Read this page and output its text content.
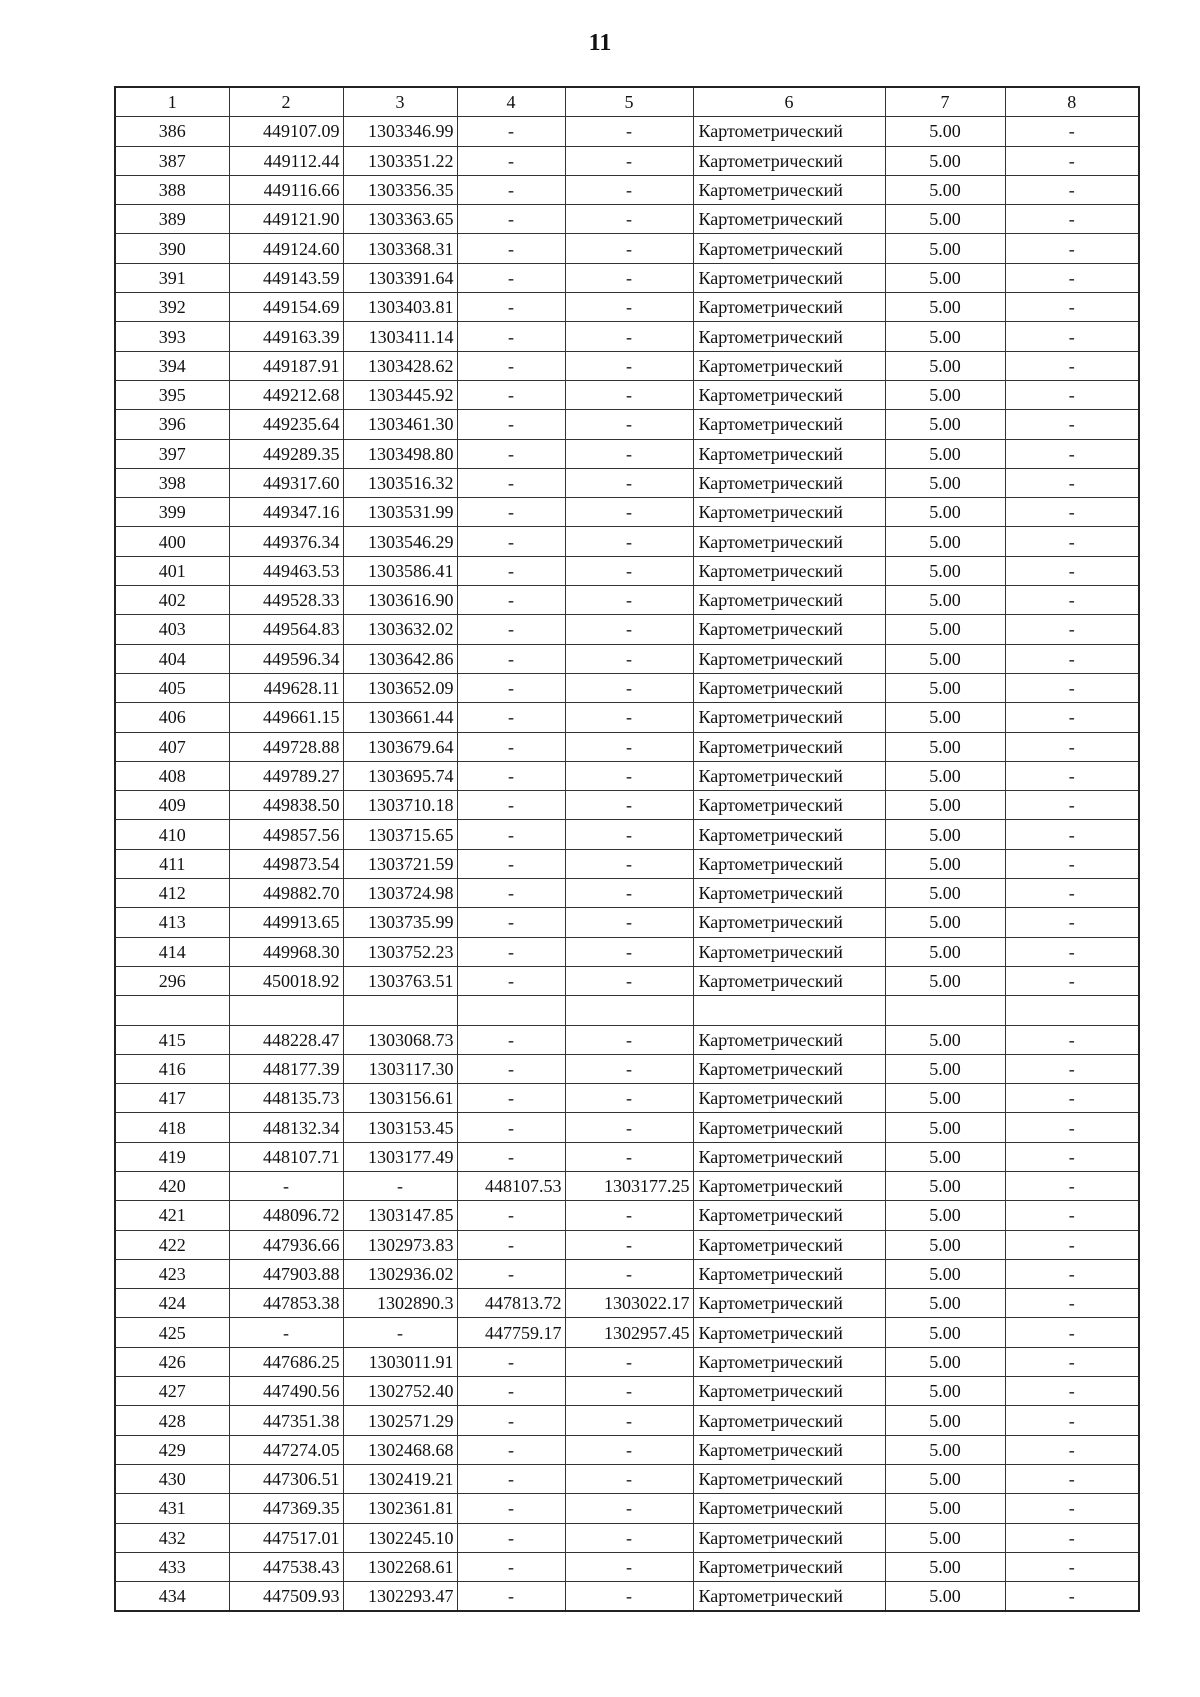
11
1	2	3	4	5	6	7	8
386	449107.09	1303346.99	-	-	Картометрический	5.00	-
387	449112.44	1303351.22	-	-	Картометрический	5.00	-
388	449116.66	1303356.35	-	-	Картометрический	5.00	-
389	449121.90	1303363.65	-	-	Картометрический	5.00	-
390	449124.60	1303368.31	-	-	Картометрический	5.00	-
391	449143.59	1303391.64	-	-	Картометрический	5.00	-
392	449154.69	1303403.81	-	-	Картометрический	5.00	-
393	449163.39	1303411.14	-	-	Картометрический	5.00	-
394	449187.91	1303428.62	-	-	Картометрический	5.00	-
395	449212.68	1303445.92	-	-	Картометрический	5.00	-
396	449235.64	1303461.30	-	-	Картометрический	5.00	-
397	449289.35	1303498.80	-	-	Картометрический	5.00	-
398	449317.60	1303516.32	-	-	Картометрический	5.00	-
399	449347.16	1303531.99	-	-	Картометрический	5.00	-
400	449376.34	1303546.29	-	-	Картометрический	5.00	-
401	449463.53	1303586.41	-	-	Картометрический	5.00	-
402	449528.33	1303616.90	-	-	Картометрический	5.00	-
403	449564.83	1303632.02	-	-	Картометрический	5.00	-
404	449596.34	1303642.86	-	-	Картометрический	5.00	-
405	449628.11	1303652.09	-	-	Картометрический	5.00	-
406	449661.15	1303661.44	-	-	Картометрический	5.00	-
407	449728.88	1303679.64	-	-	Картометрический	5.00	-
408	449789.27	1303695.74	-	-	Картометрический	5.00	-
409	449838.50	1303710.18	-	-	Картометрический	5.00	-
410	449857.56	1303715.65	-	-	Картометрический	5.00	-
411	449873.54	1303721.59	-	-	Картометрический	5.00	-
412	449882.70	1303724.98	-	-	Картометрический	5.00	-
413	449913.65	1303735.99	-	-	Картометрический	5.00	-
414	449968.30	1303752.23	-	-	Картометрический	5.00	-
296	450018.92	1303763.51	-	-	Картометрический	5.00	-

415	448228.47	1303068.73	-	-	Картометрический	5.00	-
416	448177.39	1303117.30	-	-	Картометрический	5.00	-
417	448135.73	1303156.61	-	-	Картометрический	5.00	-
418	448132.34	1303153.45	-	-	Картометрический	5.00	-
419	448107.71	1303177.49	-	-	Картометрический	5.00	-
420	-	-	448107.53	1303177.25	Картометрический	5.00	-
421	448096.72	1303147.85	-	-	Картометрический	5.00	-
422	447936.66	1302973.83	-	-	Картометрический	5.00	-
423	447903.88	1302936.02	-	-	Картометрический	5.00	-
424	447853.38	1302890.3	447813.72	1303022.17	Картометрический	5.00	-
425	-	-	447759.17	1302957.45	Картометрический	5.00	-
426	447686.25	1303011.91	-	-	Картометрический	5.00	-
427	447490.56	1302752.40	-	-	Картометрический	5.00	-
428	447351.38	1302571.29	-	-	Картометрический	5.00	-
429	447274.05	1302468.68	-	-	Картометрический	5.00	-
430	447306.51	1302419.21	-	-	Картометрический	5.00	-
431	447369.35	1302361.81	-	-	Картометрический	5.00	-
432	447517.01	1302245.10	-	-	Картометрический	5.00	-
433	447538.43	1302268.61	-	-	Картометрический	5.00	-
434	447509.93	1302293.47	-	-	Картометрический	5.00	-
